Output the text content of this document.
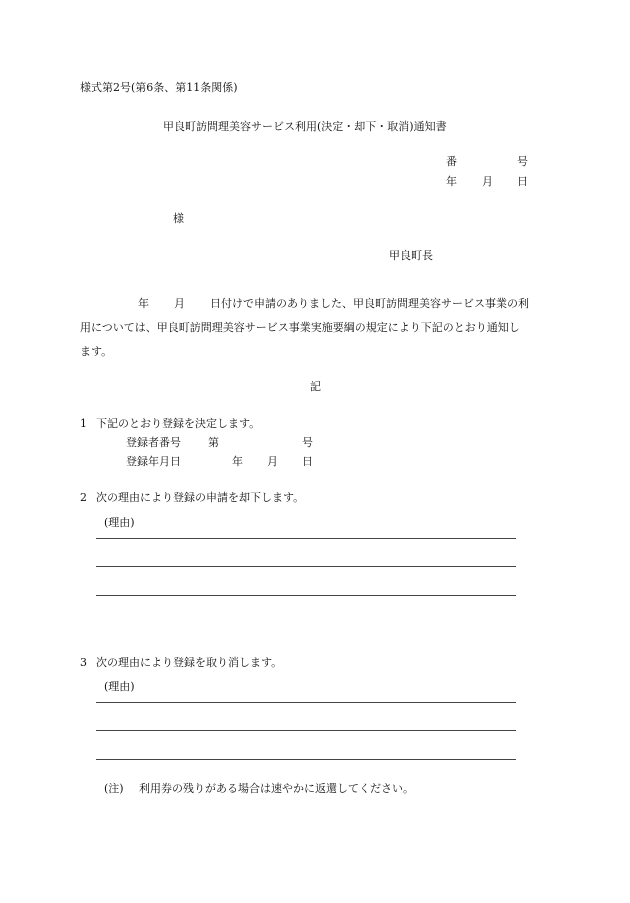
様式第2号(第6条、第11条関係)
甲良町訪問理美容サービス利用(決定・却下・取消)通知書
番	号
年 月 日
様
甲良町長
年 月 日付けで申請のありました、甲良町訪問理美容サービス事業の利
用については、甲良町訪問理美容サービス事業実施要綱の規定により下記のとおり通知し
ます。
記
1 下記のとおり登録を決定します。
登録者番号 第	号
登録年月日	年 月 日
2 次の理由により登録の申請を却下します。
(理由)
3 次の理由により登録を取り消します。
(理由)
(注) 利用券の残りがある場合は速やかに返還してください。
